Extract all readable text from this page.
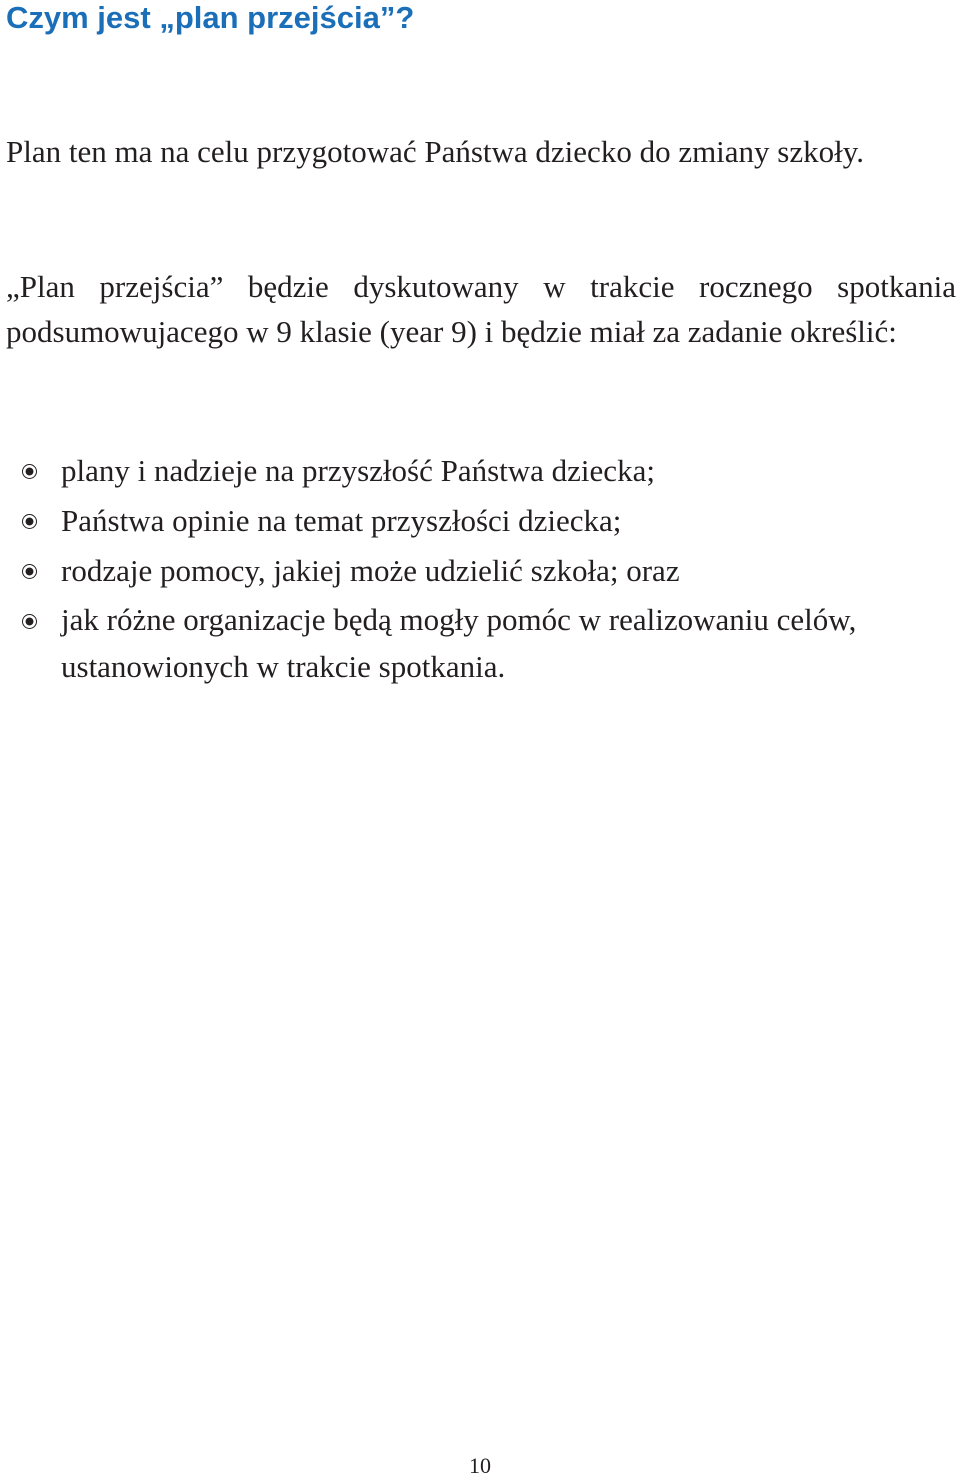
Czym jest „plan przejścia”?

Plan ten ma na celu przygotować Państwa dziecko do zmiany szkoły.

„Plan przejścia” będzie dyskutowany w trakcie rocznego spotkania podsumowujacego w 9 klasie (year 9) i będzie miał za zadanie określić:

plany i nadzieje na przyszłość Państwa dziecka;
Państwa opinie na temat przyszłości dziecka;
rodzaje pomocy, jakiej może udzielić szkoła; oraz
jak różne organizacje będą mogły pomóc w realizowaniu celów, ustanowionych w trakcie spotkania.
10
